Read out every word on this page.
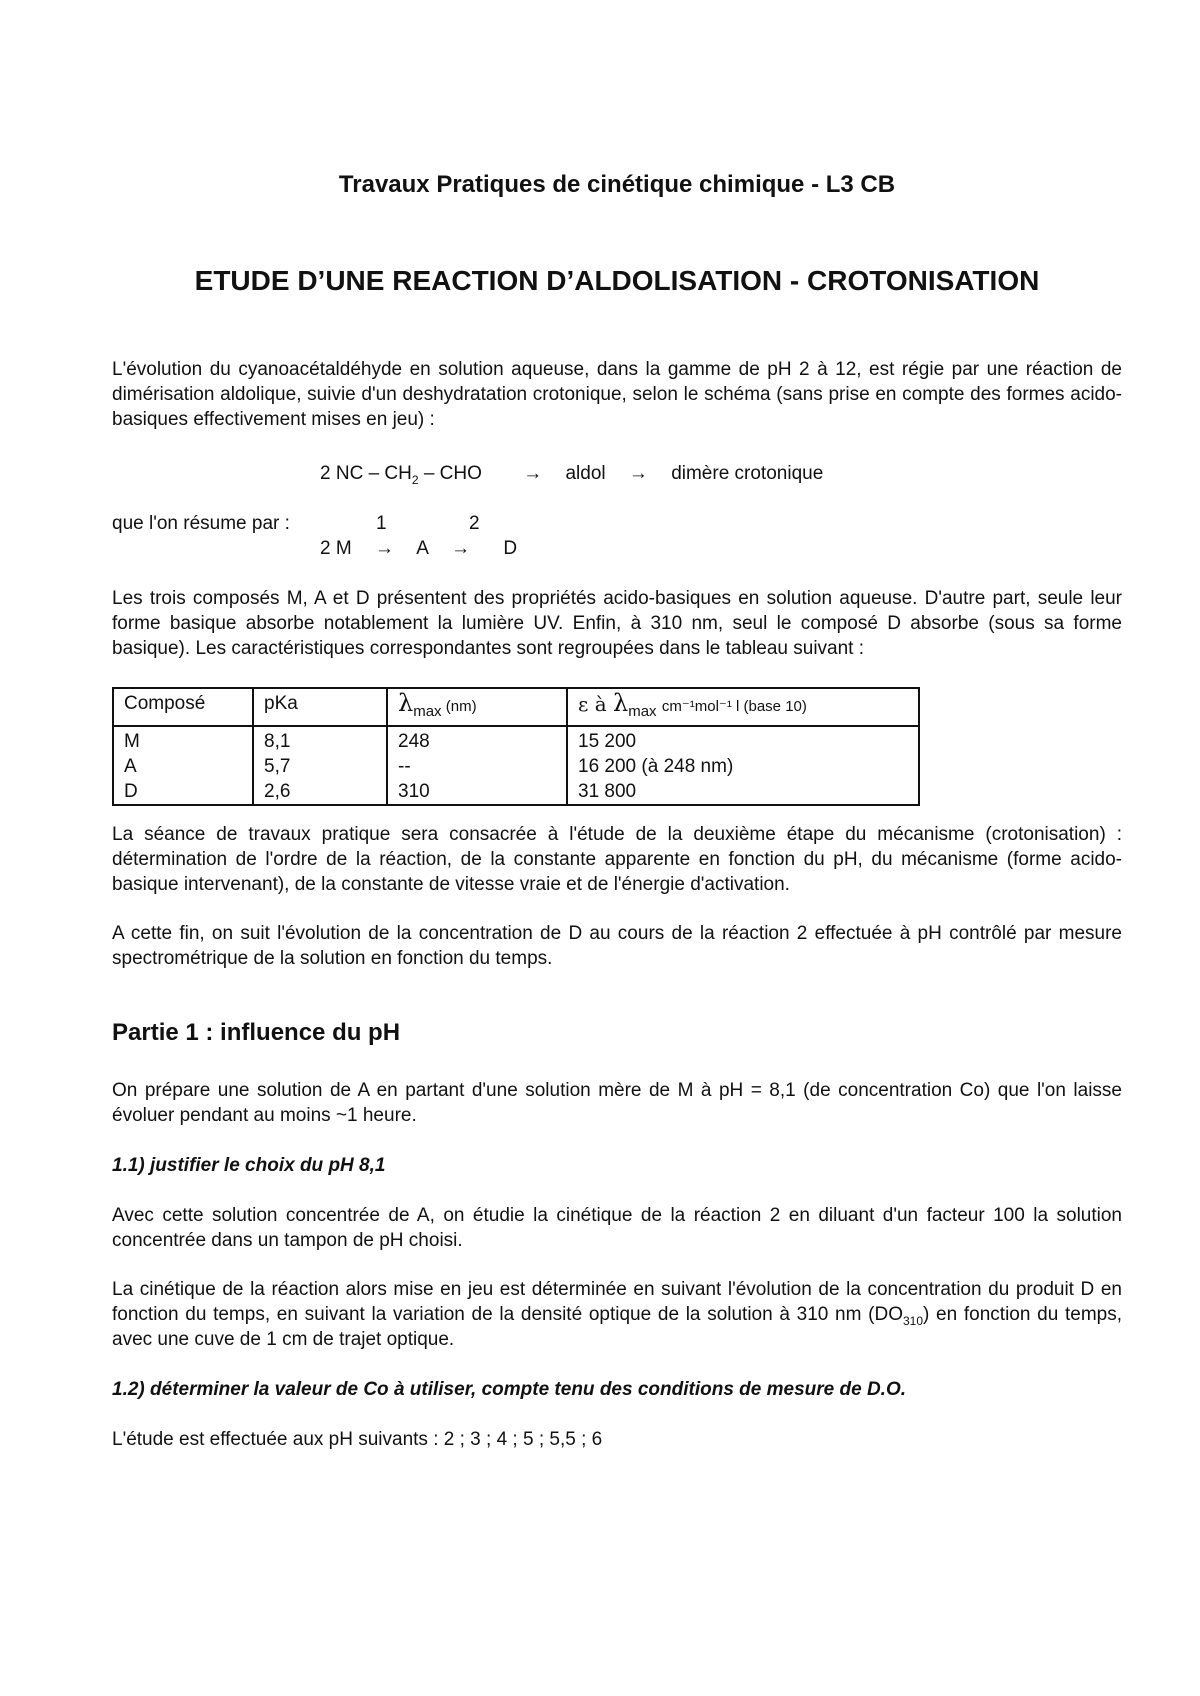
Travaux Pratiques de cinétique chimique - L3 CB
ETUDE D’UNE REACTION D’ALDOLISATION - CROTONISATION
L'évolution du cyanoacétaldéhyde en solution aqueuse, dans la gamme de pH 2 à 12, est régie par une réaction de dimérisation aldolique, suivie d'un deshydratation crotonique, selon le schéma (sans prise en compte des formes acido-basiques effectivement mises en jeu) :
2 NC – $CH_2$ – CHO → aldol → dimère crotonique
que l'on résume par :	1	2
2 M → A → D
Les trois composés M, A et D présentent des propriétés acido-basiques en solution aqueuse. D'autre part, seule leur forme basique absorbe notablement la lumière UV. Enfin, à 310 nm, seul le composé D absorbe (sous sa forme basique). Les caractéristiques correspondantes sont regroupées dans le tableau suivant :
Composé	pKa	$\lambda_{max}$ (nm)	ε à $\lambda_{max}$ cm⁻¹mol⁻¹ l (base 10)
M	8,1	248	15 200
A	5,7	--	16 200 (à 248 nm)
D	2,6	310	31 800
La séance de travaux pratique sera consacrée à l'étude de la deuxième étape du mécanisme (crotonisation) : détermination de l'ordre de la réaction, de la constante apparente en fonction du pH, du mécanisme (forme acido-basique intervenant), de la constante de vitesse vraie et de l'énergie d'activation.
A cette fin, on suit l'évolution de la concentration de D au cours de la réaction 2 effectuée à pH contrôlé par mesure spectrométrique de la solution en fonction du temps.
Partie 1 : influence du pH
On prépare une solution de A en partant d'une solution mère de M à pH = 8,1 (de concentration Co) que l'on laisse évoluer pendant au moins ~1 heure.
1.1) justifier le choix du pH 8,1
Avec cette solution concentrée de A, on étudie la cinétique de la réaction 2 en diluant d'un facteur 100 la solution concentrée dans un tampon de pH choisi.
La cinétique de la réaction alors mise en jeu est déterminée en suivant l'évolution de la concentration du produit D en fonction du temps, en suivant la variation de la densité optique de la solution à 310 nm $(DO_{310})$ en fonction du temps, avec une cuve de 1 cm de trajet optique.
1.2) déterminer la valeur de Co à utiliser, compte tenu des conditions de mesure de D.O.
L'étude est effectuée aux pH suivants : 2 ; 3 ; 4 ; 5 ; 5,5 ; 6
